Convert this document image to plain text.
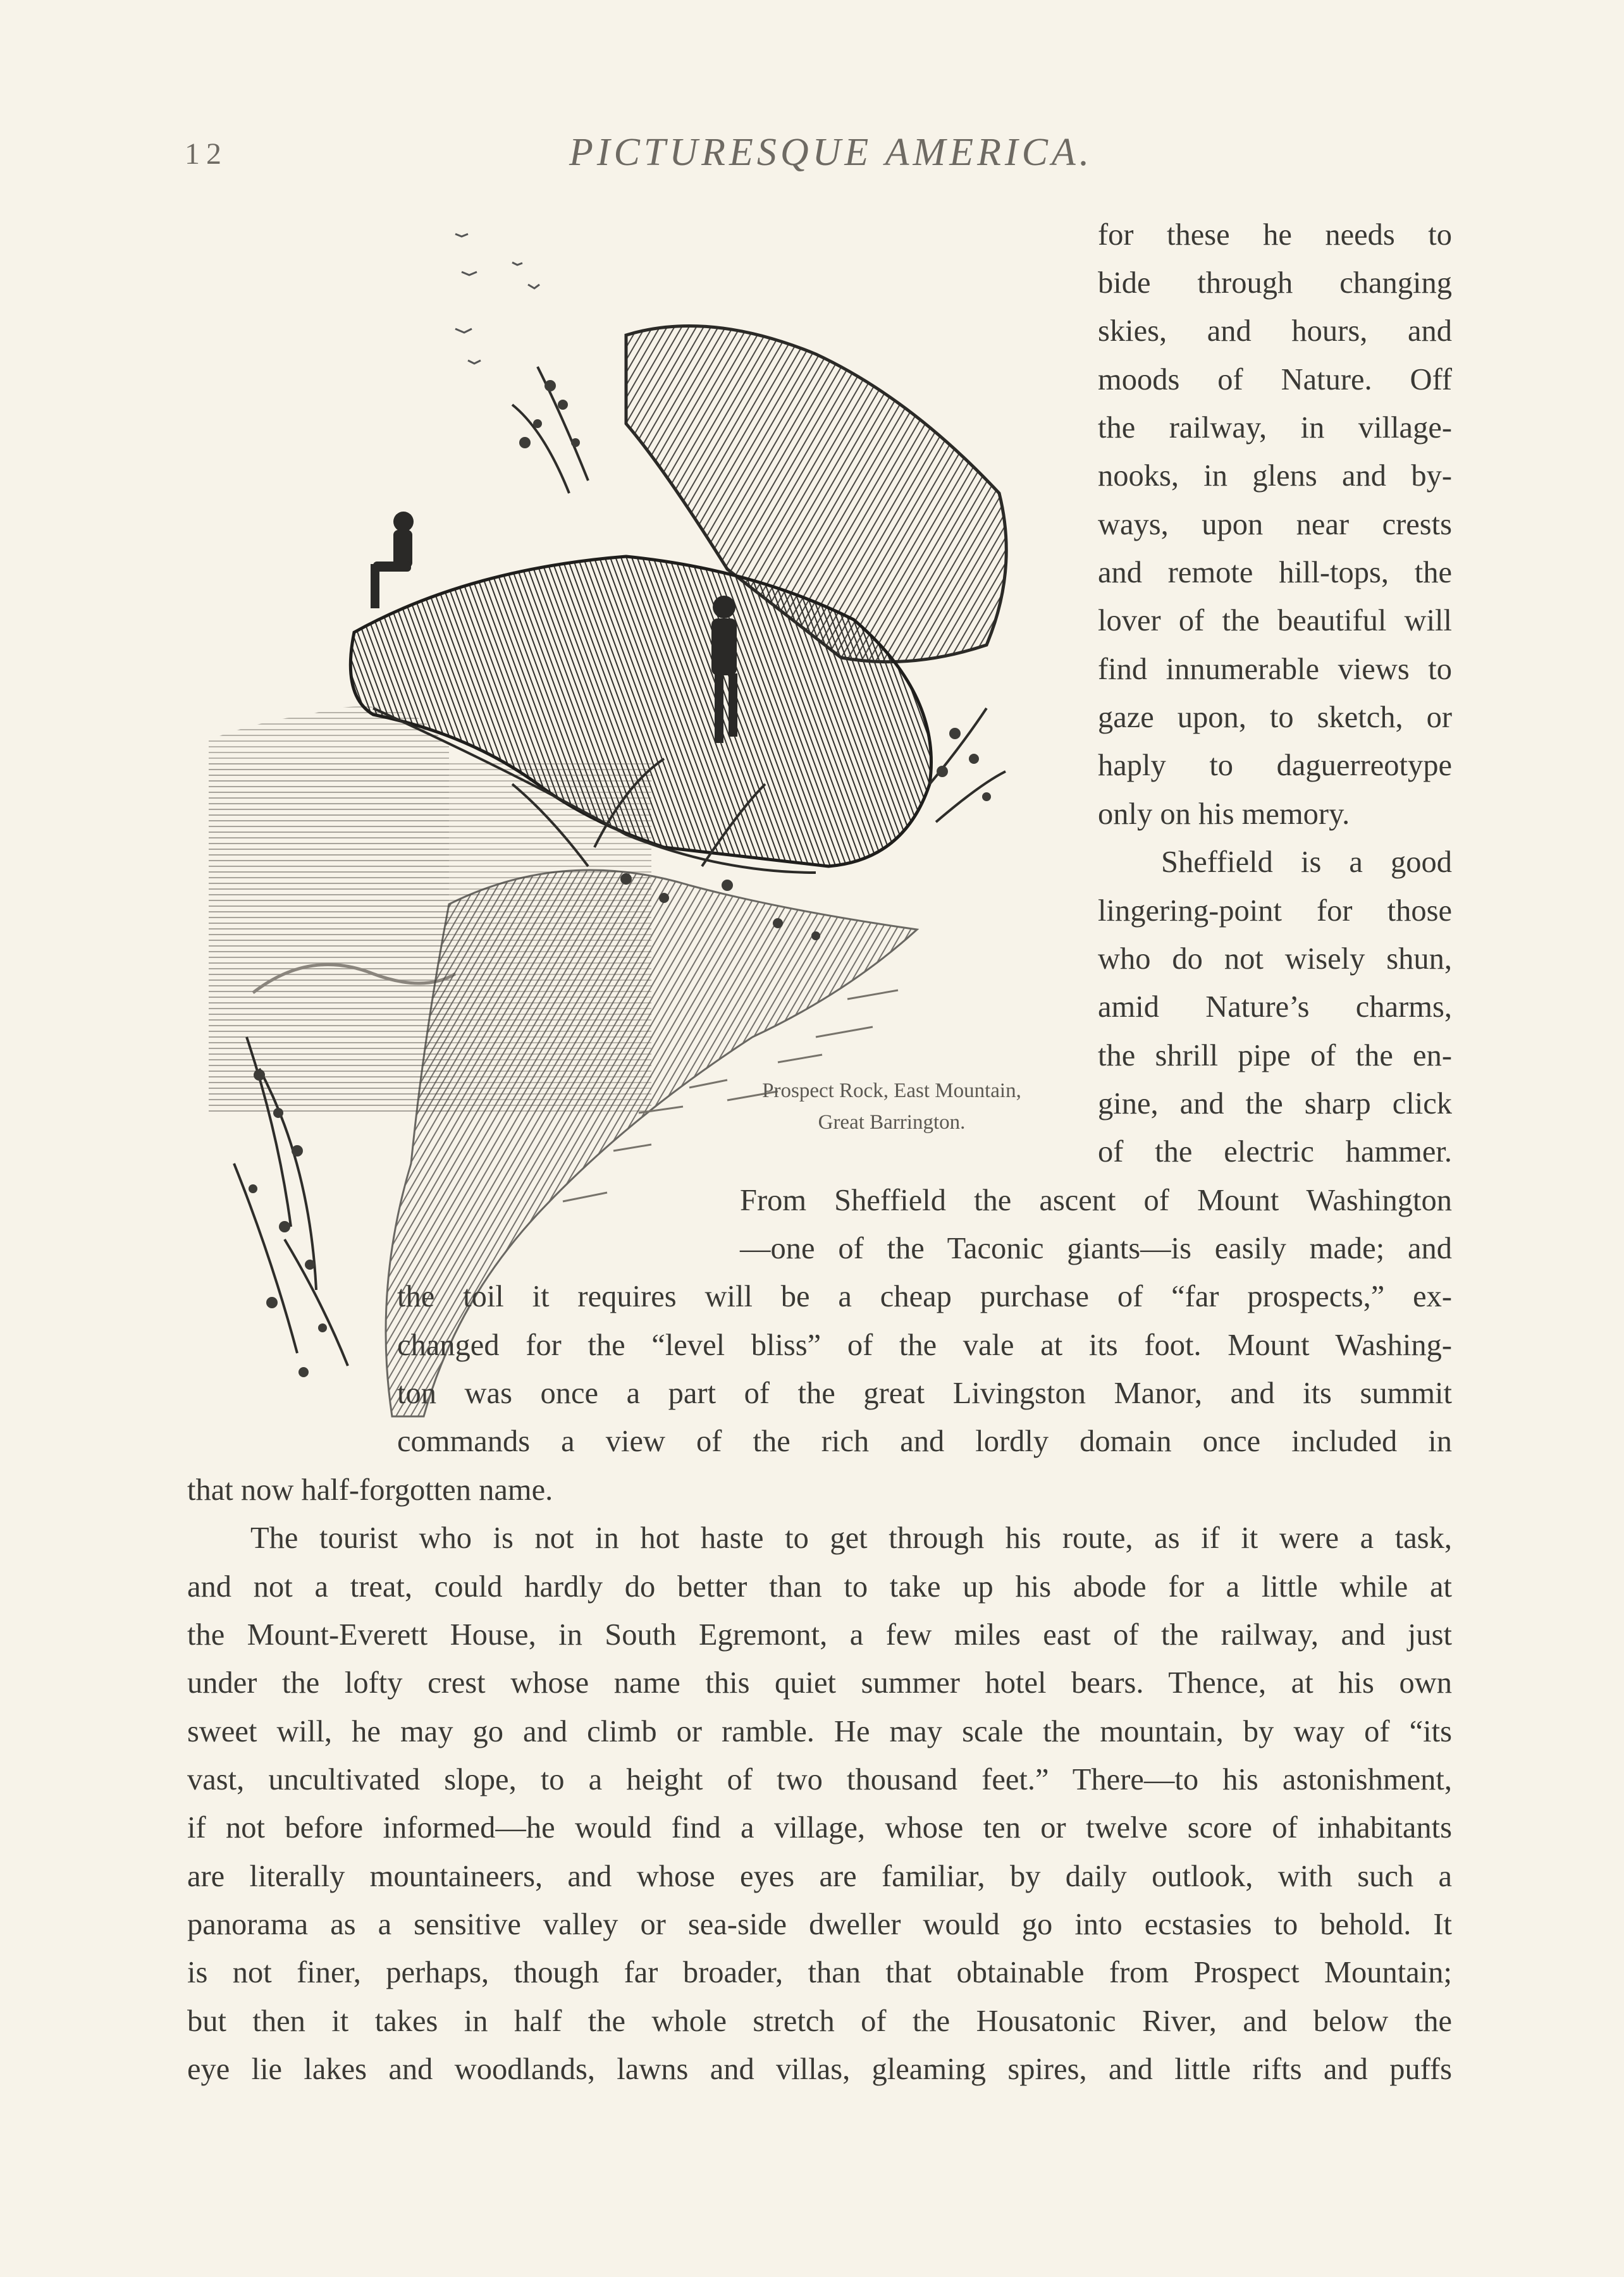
12	PICTURESQUE AMERICA.
Prospect Rock, East Mountain,
Great Barrington.
for these he needs to
bide through changing
skies, and hours, and
moods of Nature. Off
the railway, in village-
nooks, in glens and by-
ways, upon near crests
and remote hill-tops, the
lover of the beautiful will
find innumerable views to
gaze upon, to sketch, or
haply to daguerreotype
only on his memory.
Sheffield is a good
lingering-point for those
who do not wisely shun,
amid Nature’s charms,
the shrill pipe of the en-
gine, and the sharp click
of the electric hammer.
From Sheffield the ascent of Mount Washington
—one of the Taconic giants—is easily made; and
the toil it requires will be a cheap purchase of “far prospects,” ex-
changed for the “level bliss” of the vale at its foot. Mount Washing-
ton was once a part of the great Livingston Manor, and its summit
commands a view of the rich and lordly domain once included in
that now half-forgotten name.
The tourist who is not in hot haste to get through his route, as if it were a task,
and not a treat, could hardly do better than to take up his abode for a little while at
the Mount-Everett House, in South Egremont, a few miles east of the railway, and just
under the lofty crest whose name this quiet summer hotel bears. Thence, at his own
sweet will, he may go and climb or ramble. He may scale the mountain, by way of “its
vast, uncultivated slope, to a height of two thousand feet.” There—to his astonishment,
if not before informed—he would find a village, whose ten or twelve score of inhabitants
are literally mountaineers, and whose eyes are familiar, by daily outlook, with such a
panorama as a sensitive valley or sea-side dweller would go into ecstasies to behold. It
is not finer, perhaps, though far broader, than that obtainable from Prospect Mountain;
but then it takes in half the whole stretch of the Housatonic River, and below the
eye lie lakes and woodlands, lawns and villas, gleaming spires, and little rifts and puffs
